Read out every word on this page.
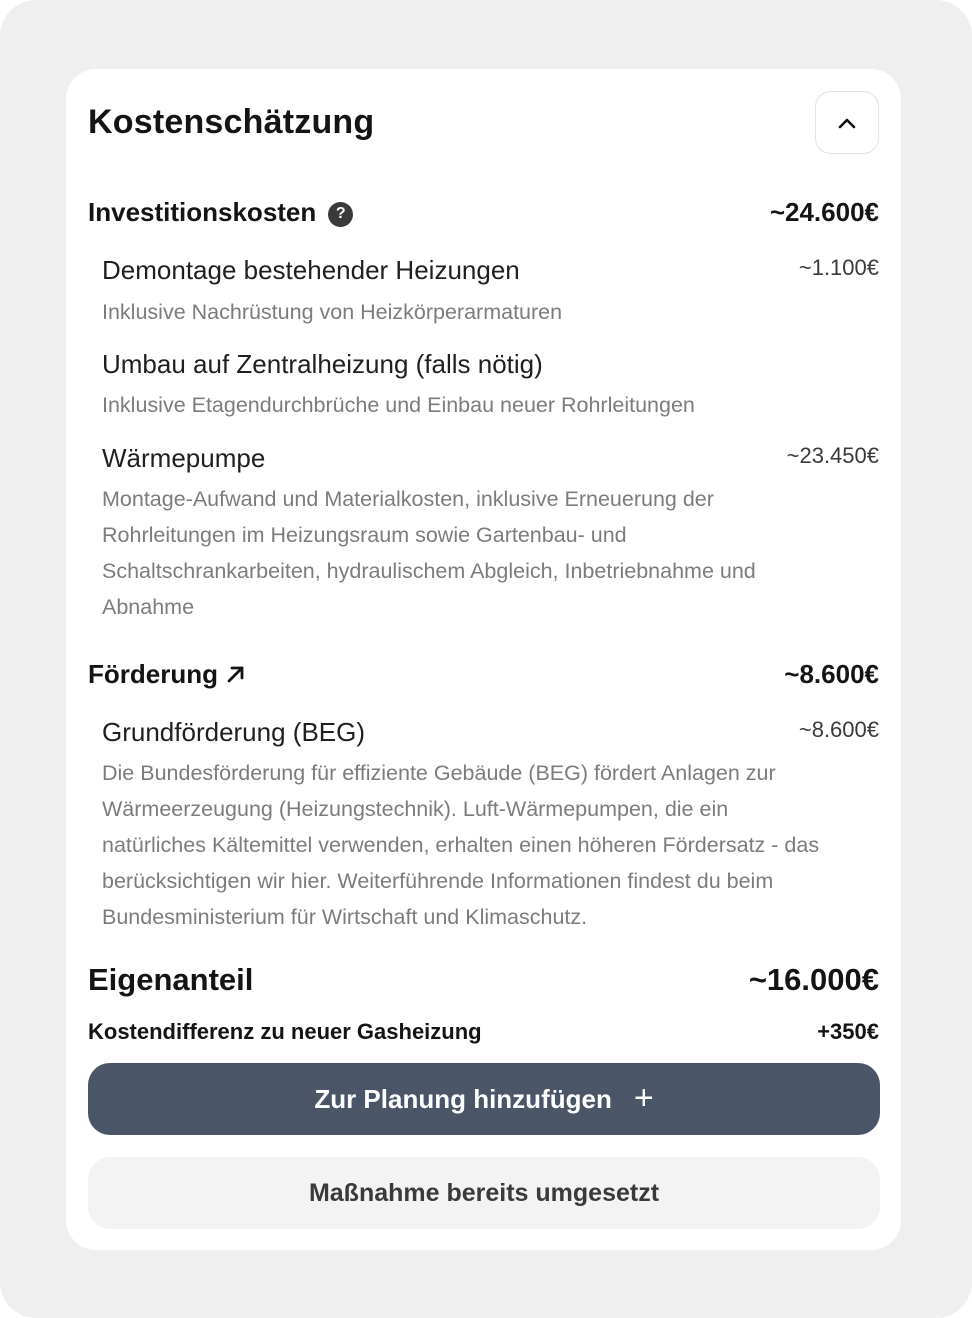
Kostenschätzung
Investitionskosten ?	~24.600€
Demontage bestehender Heizungen	~1.100€
Inklusive Nachrüstung von Heizkörperarmaturen
Umbau auf Zentralheizung (falls nötig)
Inklusive Etagendurchbrüche und Einbau neuer Rohrleitungen
Wärmepumpe	~23.450€
Montage-Aufwand und Materialkosten, inklusive Erneuerung der Rohrleitungen im Heizungsraum sowie Gartenbau- und Schaltschrankarbeiten, hydraulischem Abgleich, Inbetriebnahme und Abnahme
Förderung	~8.600€
Grundförderung (BEG)	~8.600€
Die Bundesförderung für effiziente Gebäude (BEG) fördert Anlagen zur Wärmeerzeugung (Heizungstechnik). Luft-Wärmepumpen, die ein natürliches Kältemittel verwenden, erhalten einen höheren Fördersatz - das berücksichtigen wir hier. Weiterführende Informationen findest du beim Bundesministerium für Wirtschaft und Klimaschutz.
Eigenanteil	~16.000€
Kostendifferenz zu neuer Gasheizung	+350€
Zur Planung hinzufügen +
Maßnahme bereits umgesetzt
